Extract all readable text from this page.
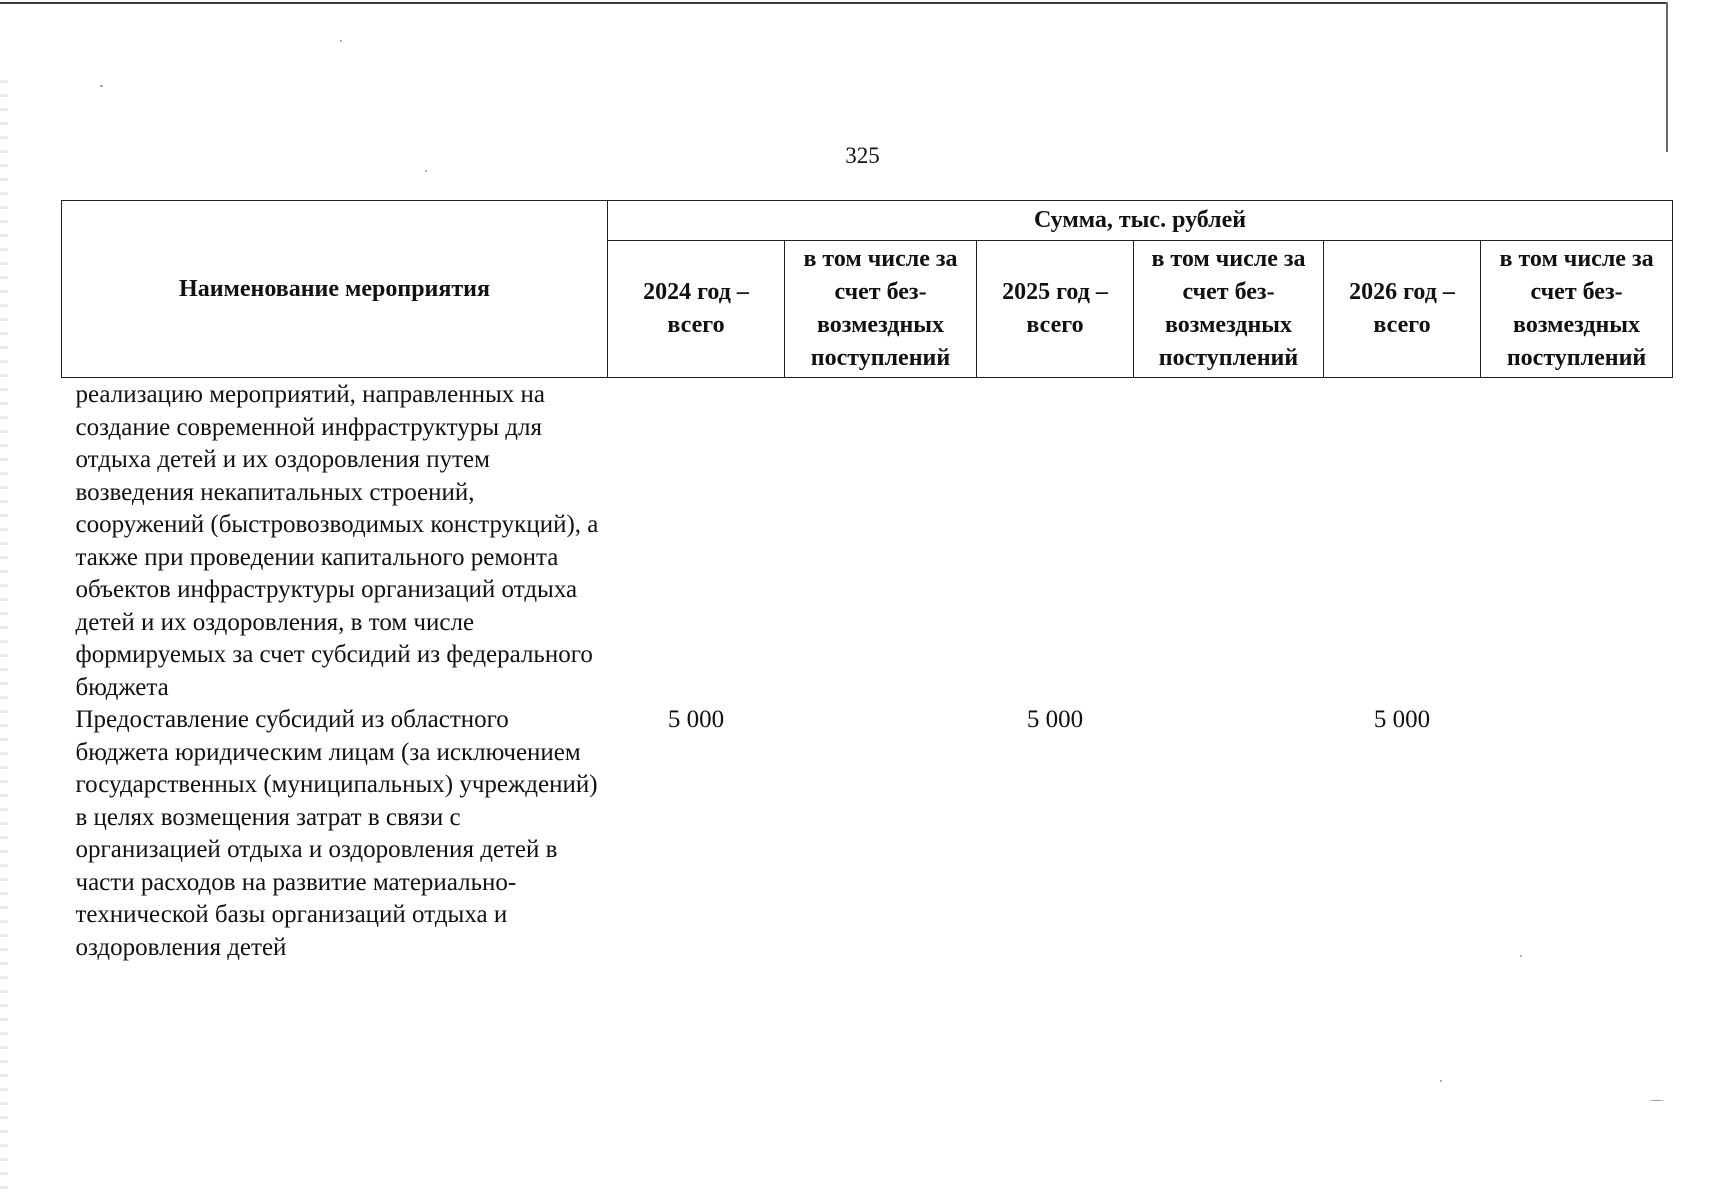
325
Наименование мероприятия	Сумма, тыс. рублей					
	2024 год – всего	в том числе за счет без-возмездных поступлений	2025 год – всего	в том числе за счет без-возмездных поступлений	2026 год – всего	в том числе за счет без-возмездных поступлений
реализацию мероприятий, направленных на создание современной инфраструктуры для отдыха детей и их оздоровления путем возведения некапитальных строений, сооружений (быстровозводимых конструкций), а также при проведении капитального ремонта объектов инфраструктуры организаций отдыха детей и их оздоровления, в том числе формируемых за счет субсидий из федерального бюджета						
Предоставление субсидий из областного бюджета юридическим лицам (за исключением государственных (муниципальных) учреждений) в целях возмещения затрат в связи с организацией отдыха и оздоровления детей в части расходов на развитие материально-технической базы организаций отдыха и оздоровления детей	5 000		5 000		5 000	
